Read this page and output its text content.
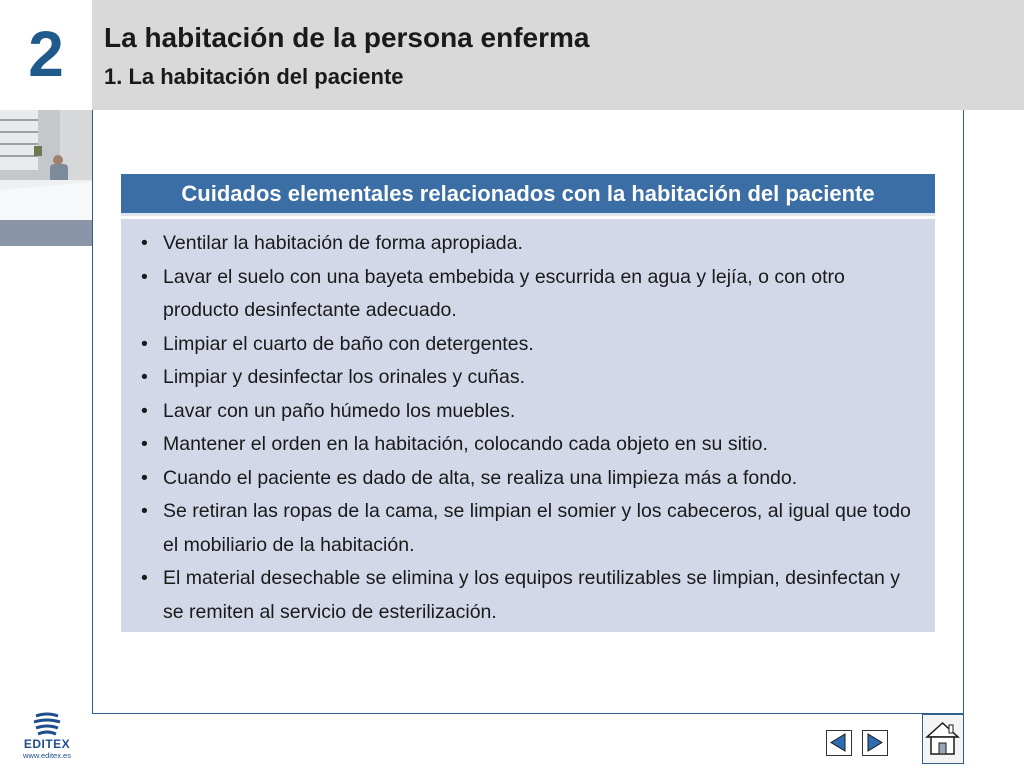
2	La habitación de la persona enferma
1. La habitación del paciente
Cuidados elementales relacionados con la habitación del paciente
• Ventilar la habitación de forma apropiada.
• Lavar el suelo con una bayeta embebida y escurrida en agua y lejía, o con otro producto desinfectante adecuado.
• Limpiar el cuarto de baño con detergentes.
• Limpiar y desinfectar los orinales y cuñas.
• Lavar con un paño húmedo los muebles.
• Mantener el orden en la habitación, colocando cada objeto en su sitio.
• Cuando el paciente es dado de alta, se realiza una limpieza más a fondo.
• Se retiran las ropas de la cama, se limpian el somier y los cabeceros, al igual que todo el mobiliario de la habitación.
• El material desechable se elimina y los equipos reutilizables se limpian, desinfectan y se remiten al servicio de esterilización.
EDITEX
www.editex.es
